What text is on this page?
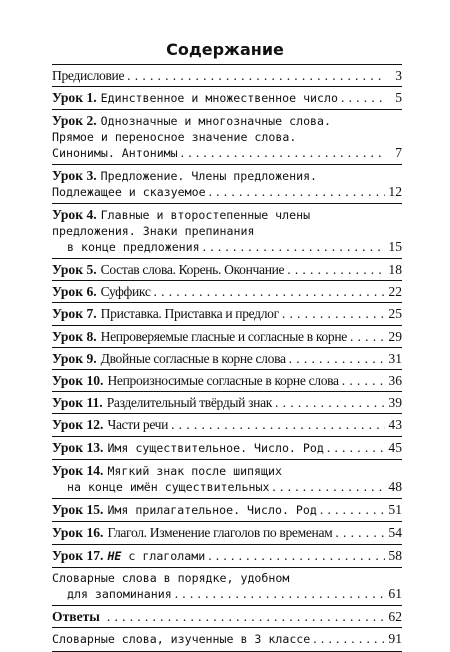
Содержание
Предисловие . . .	3
Урок 1. Единственное и множественное число . . .	5
Урок 2. Однозначные и многозначные слова.
Прямое и переносное значение слова.
Синонимы. Антонимы . . .	7
Урок 3. Предложение. Члены предложения.
Подлежащее и сказуемое . . .	12
Урок 4. Главные и второстепенные члены
предложения. Знаки препинания
в конце предложения . . .	15
Урок 5. Состав слова. Корень. Окончание . . .	18
Урок 6. Суффикс . . .	22
Урок 7. Приставка. Приставка и предлог . . .	25
Урок 8. Непроверяемые гласные и согласные в корне . . .	29
Урок 9. Двойные согласные в корне слова . . .	31
Урок 10. Непроизносимые согласные в корне слова . . .	36
Урок 11. Разделительный твёрдый знак . . .	39
Урок 12. Части речи . . .	43
Урок 13. Имя существительное. Число. Род . . .	45
Урок 14. Мягкий знак после шипящих
на конце имён существительных . . .	48
Урок 15. Имя прилагательное. Число. Род . . .	51
Урок 16. Глагол. Изменение глаголов по временам . . .	54
Урок 17. НЕ с глаголами . . .	58
Словарные слова в порядке, удобном
для запоминания . . .	61
Ответы . . .	62
Словарные слова, изученные в 3 классе . . .	91
